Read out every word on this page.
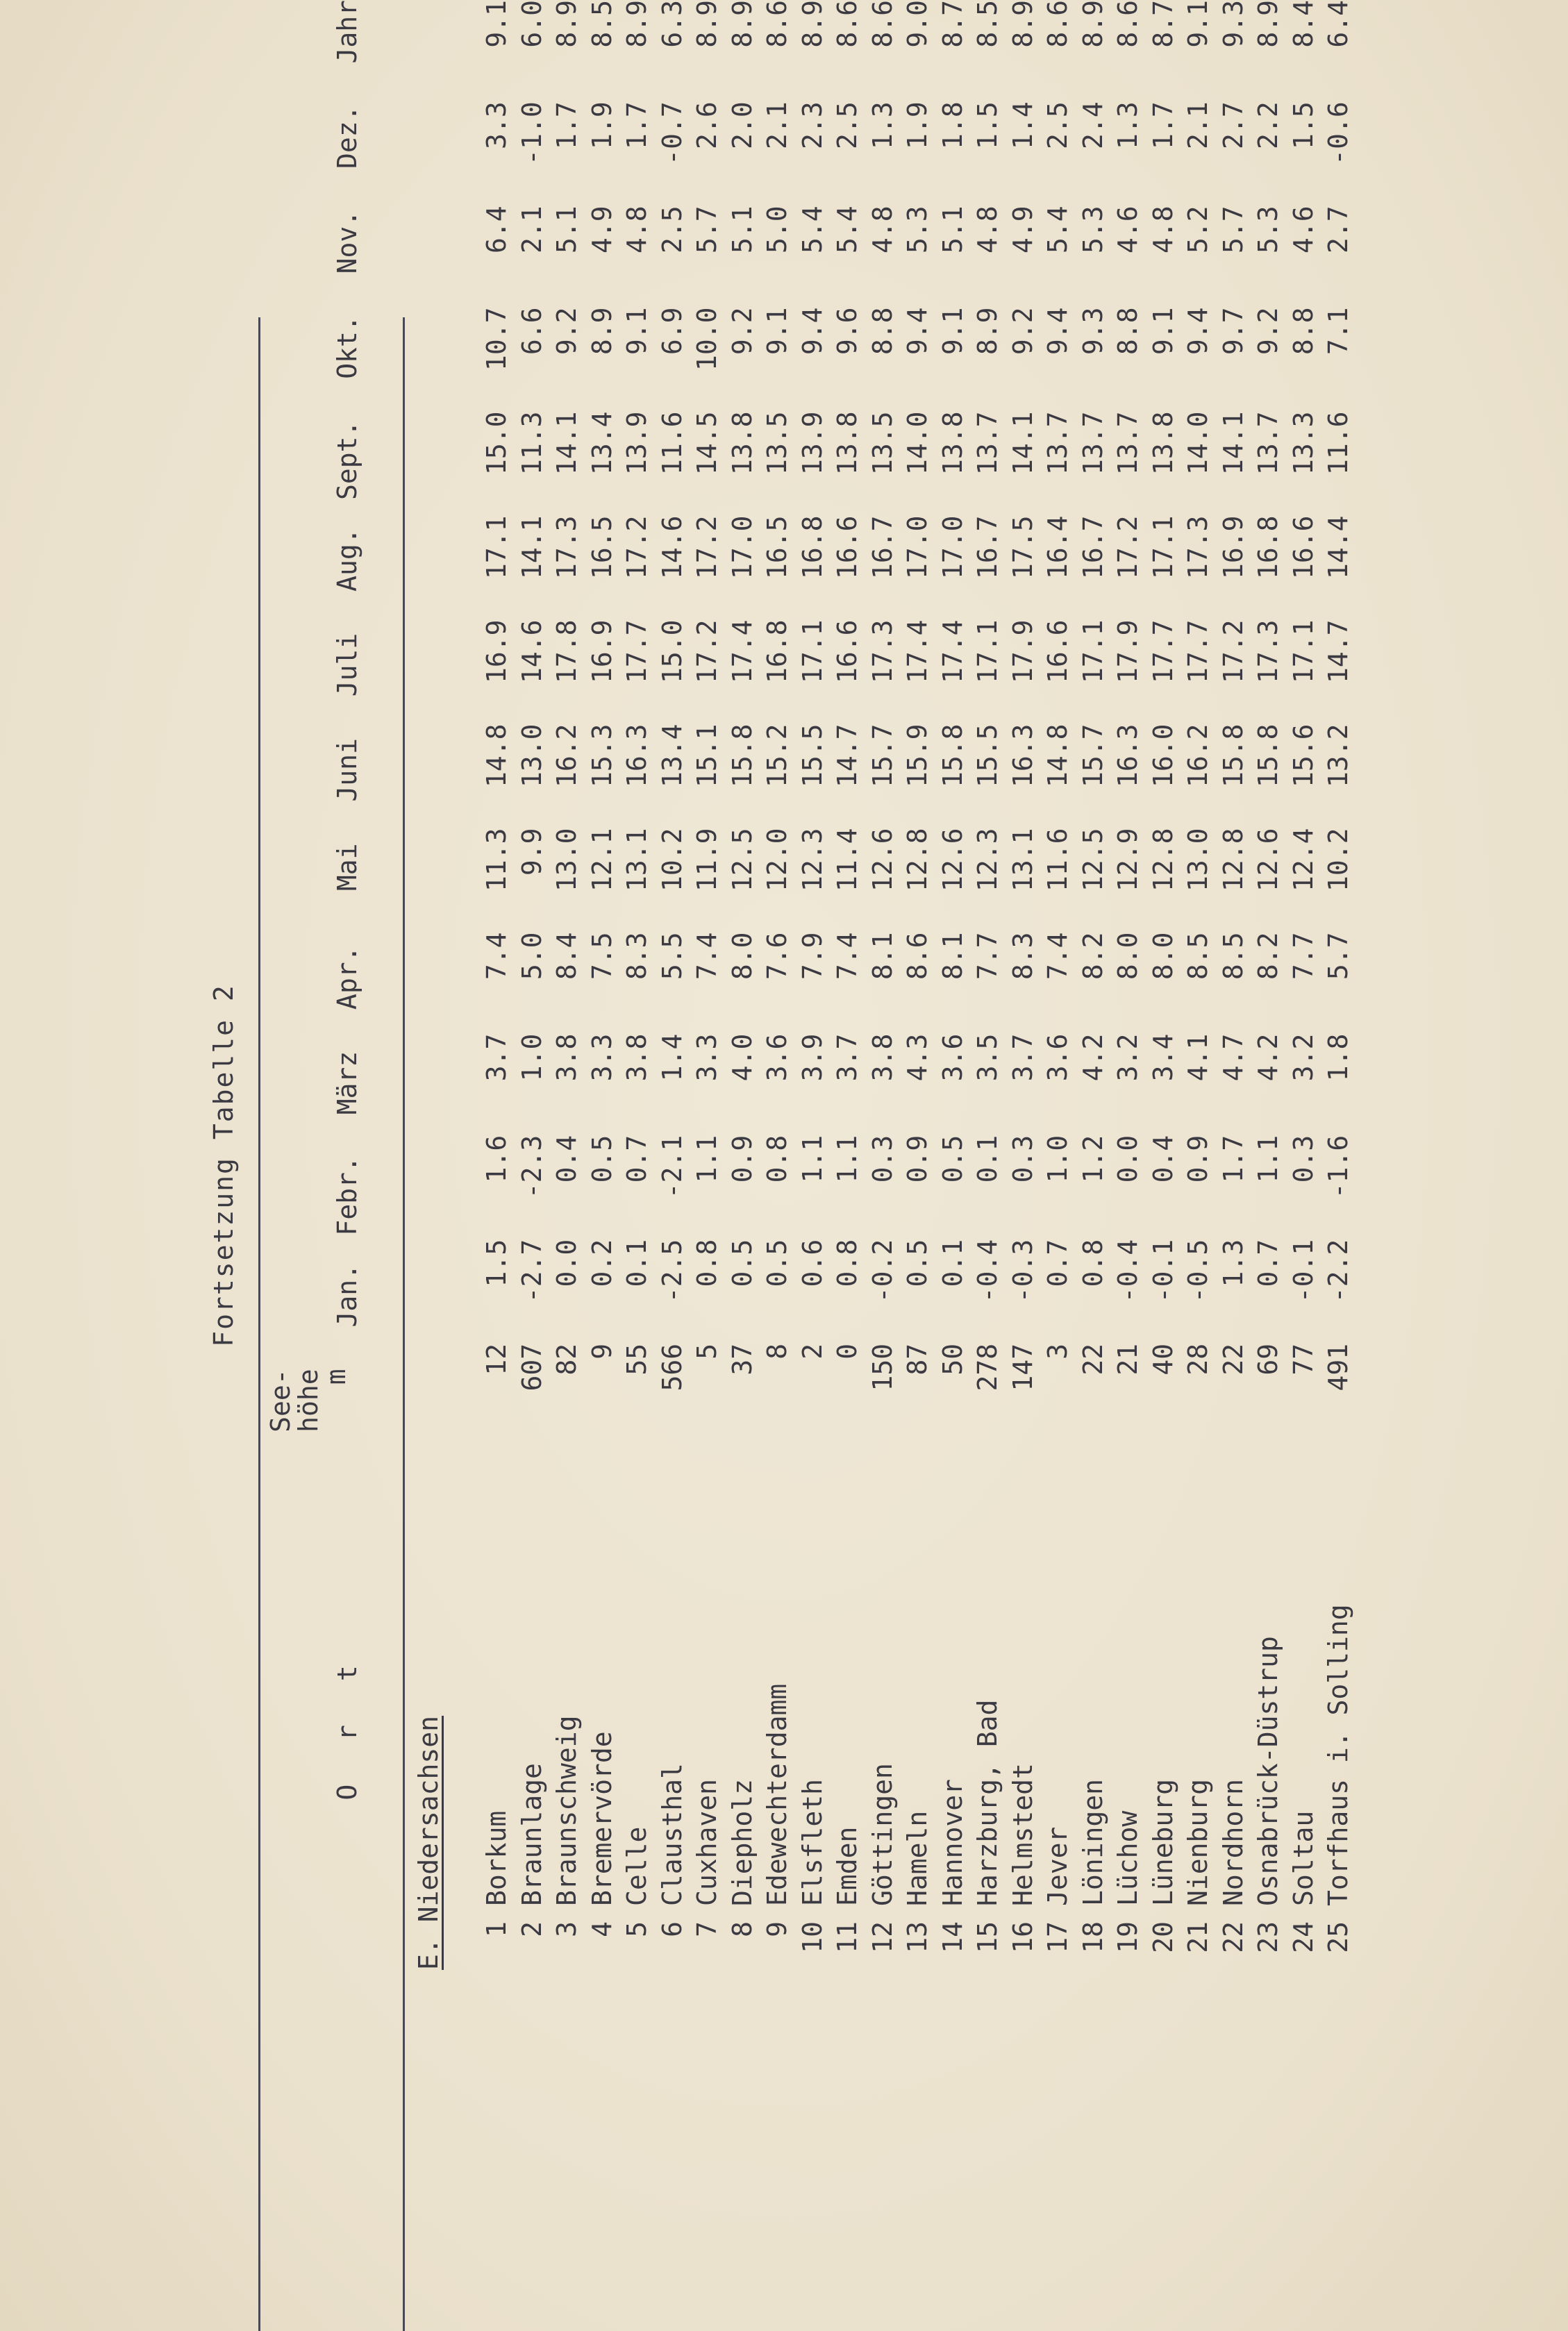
Fortsetzung Tabelle 2
O r t	
See-
höhe
m
	Jan.	Febr.	März	Apr.	Mai	Juni	Juli	Aug.	Sept.	Okt.	Nov.	Dez.	Jahr
E. Niedersachsen 1Borkum	12	1.5	1.6	3.7	7.4	11.3	14.8	16.9	17.1	15.0	10.7	6.4	3.3	9.1
2Braunlage	607	-2.7	-2.3	1.0	5.0	9.9	13.0	14.6	14.1	11.3	6.6	2.1	-1.0	6.0
3Braunschweig	82	0.0	0.4	3.8	8.4	13.0	16.2	17.8	17.3	14.1	9.2	5.1	1.7	8.9
4Bremervörde	9	0.2	0.5	3.3	7.5	12.1	15.3	16.9	16.5	13.4	8.9	4.9	1.9	8.5
5Celle	55	0.1	0.7	3.8	8.3	13.1	16.3	17.7	17.2	13.9	9.1	4.8	1.7	8.9
6Clausthal	566	-2.5	-2.1	1.4	5.5	10.2	13.4	15.0	14.6	11.6	6.9	2.5	-0.7	6.3
7Cuxhaven	5	0.8	1.1	3.3	7.4	11.9	15.1	17.2	17.2	14.5	10.0	5.7	2.6	8.9
8Diepholz	37	0.5	0.9	4.0	8.0	12.5	15.8	17.4	17.0	13.8	9.2	5.1	2.0	8.9
9Edewechterdamm	8	0.5	0.8	3.6	7.6	12.0	15.2	16.8	16.5	13.5	9.1	5.0	2.1	8.6
10Elsfleth	2	0.6	1.1	3.9	7.9	12.3	15.5	17.1	16.8	13.9	9.4	5.4	2.3	8.9
11Emden	0	0.8	1.1	3.7	7.4	11.4	14.7	16.6	16.6	13.8	9.6	5.4	2.5	8.6
12Göttingen	150	-0.2	0.3	3.8	8.1	12.6	15.7	17.3	16.7	13.5	8.8	4.8	1.3	8.6
13Hameln	87	0.5	0.9	4.3	8.6	12.8	15.9	17.4	17.0	14.0	9.4	5.3	1.9	9.0
14Hannover	50	0.1	0.5	3.6	8.1	12.6	15.8	17.4	17.0	13.8	9.1	5.1	1.8	8.7
15Harzburg, Bad	278	-0.4	0.1	3.5	7.7	12.3	15.5	17.1	16.7	13.7	8.9	4.8	1.5	8.5
16Helmstedt	147	-0.3	0.3	3.7	8.3	13.1	16.3	17.9	17.5	14.1	9.2	4.9	1.4	8.9
17Jever	3	0.7	1.0	3.6	7.4	11.6	14.8	16.6	16.4	13.7	9.4	5.4	2.5	8.6
18Löningen	22	0.8	1.2	4.2	8.2	12.5	15.7	17.1	16.7	13.7	9.3	5.3	2.4	8.9
19Lüchow	21	-0.4	0.0	3.2	8.0	12.9	16.3	17.9	17.2	13.7	8.8	4.6	1.3	8.6
20Lüneburg	40	-0.1	0.4	3.4	8.0	12.8	16.0	17.7	17.1	13.8	9.1	4.8	1.7	8.7
21Nienburg	28	-0.5	0.9	4.1	8.5	13.0	16.2	17.7	17.3	14.0	9.4	5.2	2.1	9.1
22Nordhorn	22	1.3	1.7	4.7	8.5	12.8	15.8	17.2	16.9	14.1	9.7	5.7	2.7	9.3
23Osnabrück-Düstrup	69	0.7	1.1	4.2	8.2	12.6	15.8	17.3	16.8	13.7	9.2	5.3	2.2	8.9
24Soltau	77	-0.1	0.3	3.2	7.7	12.4	15.6	17.1	16.6	13.3	8.8	4.6	1.5	8.4
25Torfhaus i. Solling	491	-2.2	-1.6	1.8	5.7	10.2	13.2	14.7	14.4	11.6	7.1	2.7	-0.6	6.4
